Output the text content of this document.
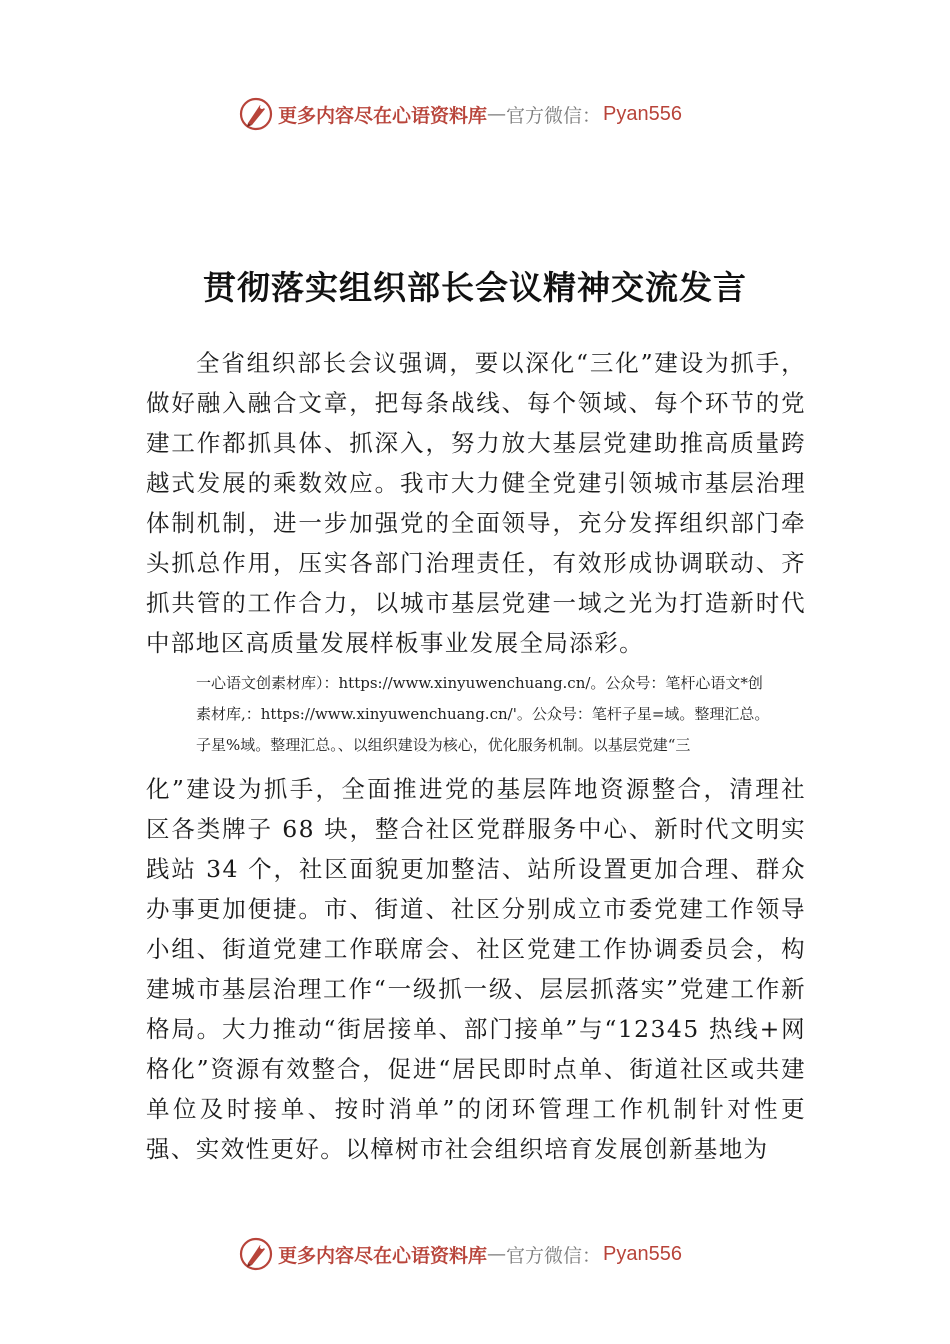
更多内容尽在心语资料库 — 官方微信： Pyan556
贯彻落实组织部长会议精神交流发言

全省组织部长会议强调，要以深化“三化”建设为抓手，做好融入融合文章，把每条战线、每个领域、每个环节的党建工作都抓具体、抓深入，努力放大基层党建助推高质量跨越式发展的乘数效应。我市大力健全党建引领城市基层治理体制机制，进一步加强党的全面领导，充分发挥组织部门牵头抓总作用，压实各部门治理责任，有效形成协调联动、齐抓共管的工作合力，以城市基层党建一域之光为打造新时代中部地区高质量发展样板事业发展全局添彩。

一心语文创素材库）：https://www.xinyuwenchuang.cn/。公众号：笔杆心语文*创
素材库,：https://www.xinyuwenchuang.cn/'。公众号：笔杆子星=域。整理汇总。
子星%域。整理汇总。、以组织建设为核心，优化服务机制。以基层党建“三

化”建设为抓手，全面推进党的基层阵地资源整合，清理社区各类牌子 68 块，整合社区党群服务中心、新时代文明实践站 34 个，社区面貌更加整洁、站所设置更加合理、群众办事更加便捷。市、街道、社区分别成立市委党建工作领导小组、街道党建工作联席会、社区党建工作协调委员会，构建城市基层治理工作“一级抓一级、层层抓落实”党建工作新格局。大力推动“街居接单、部门接单”与“12345 热线+网格化”资源有效整合，促进“居民即时点单、街道社区或共建单位及时接单、按时消单”的闭环管理工作机制针对性更强、实效性更好。以樟树市社会组织培育发展创新基地为

更多内容尽在心语资料库 — 官方微信： Pyan556
